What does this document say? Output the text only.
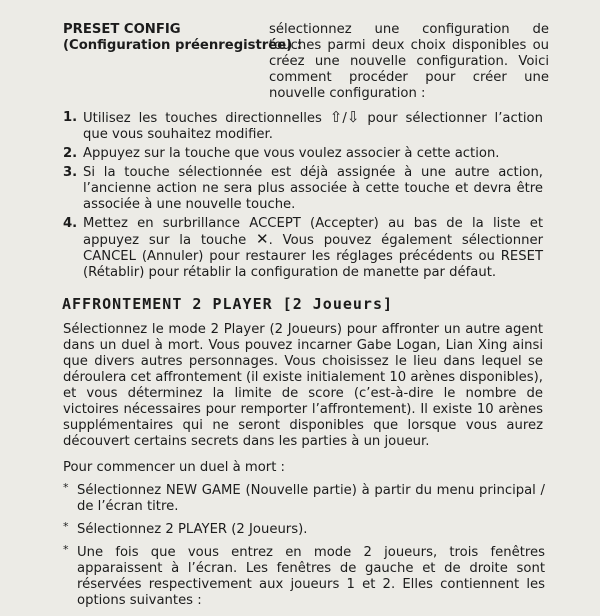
PRESET CONFIG
(Configuration préenregistrée) :
sélectionnez une configuration de touches parmi deux choix disponibles ou créez une nouvelle configuration. Voici comment procéder pour créer une nouvelle configuration :
1. Utilisez les touches directionnelles ⇧/⇩ pour sélectionner l’action que vous souhaitez modifier.
2. Appuyez sur la touche que vous voulez associer à cette action.
3. Si la touche sélectionnée est déjà assignée à une autre action, l’ancienne action ne sera plus associée à cette touche et devra être associée à une nouvelle touche.
4. Mettez en surbrillance ACCEPT (Accepter) au bas de la liste et appuyez sur la touche ✕. Vous pouvez également sélectionner CANCEL (Annuler) pour restaurer les réglages précédents ou RESET (Rétablir) pour rétablir la configuration de manette par défaut.
AFFRONTEMENT 2 PLAYER [2 Joueurs]

Sélectionnez le mode 2 Player (2 Joueurs) pour affronter un autre agent dans un duel à mort. Vous pouvez incarner Gabe Logan, Lian Xing ainsi que divers autres personnages. Vous choisissez le lieu dans lequel se déroulera cet affrontement (il existe initialement 10 arènes disponibles), et vous déterminez la limite de score (c’est-à-dire le nombre de victoires nécessaires pour remporter l’affrontement). Il existe 10 arènes supplémentaires qui ne seront disponibles que lorsque vous aurez découvert certains secrets dans les parties à un joueur.

Pour commencer un duel à mort :

* Sélectionnez NEW GAME (Nouvelle partie) à partir du menu principal / de l’écran titre.
* Sélectionnez 2 PLAYER (2 Joueurs).
* Une fois que vous entrez en mode 2 joueurs, trois fenêtres apparaissent à l’écran. Les fenêtres de gauche et de droite sont réservées respectivement aux joueurs 1 et 2. Elles contiennent les options suivantes :
